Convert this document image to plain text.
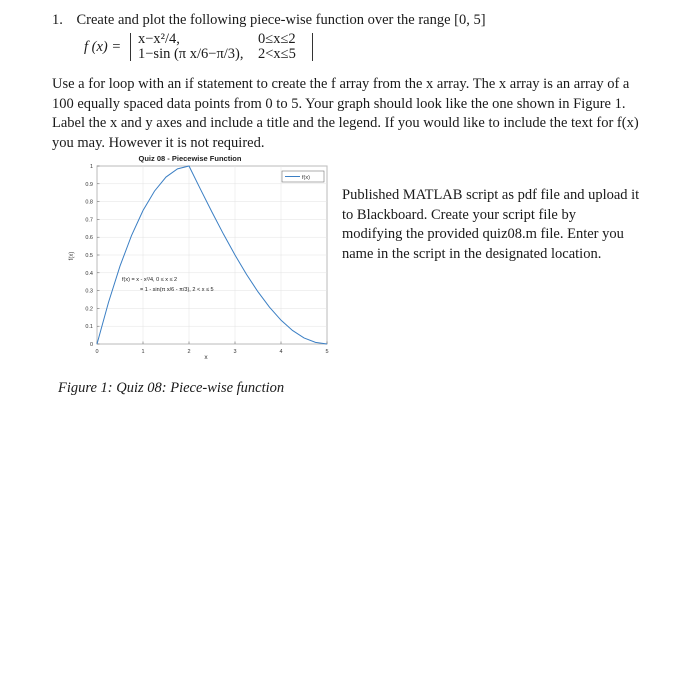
1. Create and plot the following piece-wise function over the range [0, 5]
f (x) = x−x²/4,	0≤x≤2
1−sin (π x/6−π/3), 2<x≤5
Use a for loop with an if statement to create the f array from the x array. The x array is an array of a
100 equally spaced data points from 0 to 5. Your graph should look like the one shown in Figure 1.
Label the x and y axes and include a title and the legend. If you would like to include the text for f(x)
you may. However it is not required.
Quiz 08 - Piecewise Function
0	1	2	3	4	5
0
0.1
0.2
0.3
0.4
0.5
0.6
0.7
0.8
0.9
1
f(x)
x
f(x)
f(x) = x - x²/4, 0 ≤ x ≤ 2
= 1 - sin(π x/6 - π/3), 2 < x ≤ 5
Published MATLAB script as pdf file and upload it
to Blackboard. Create your script file by
modifying the provided quiz08.m file. Enter you
name in the script in the designated location.
Figure 1: Quiz 08: Piece-wise function
